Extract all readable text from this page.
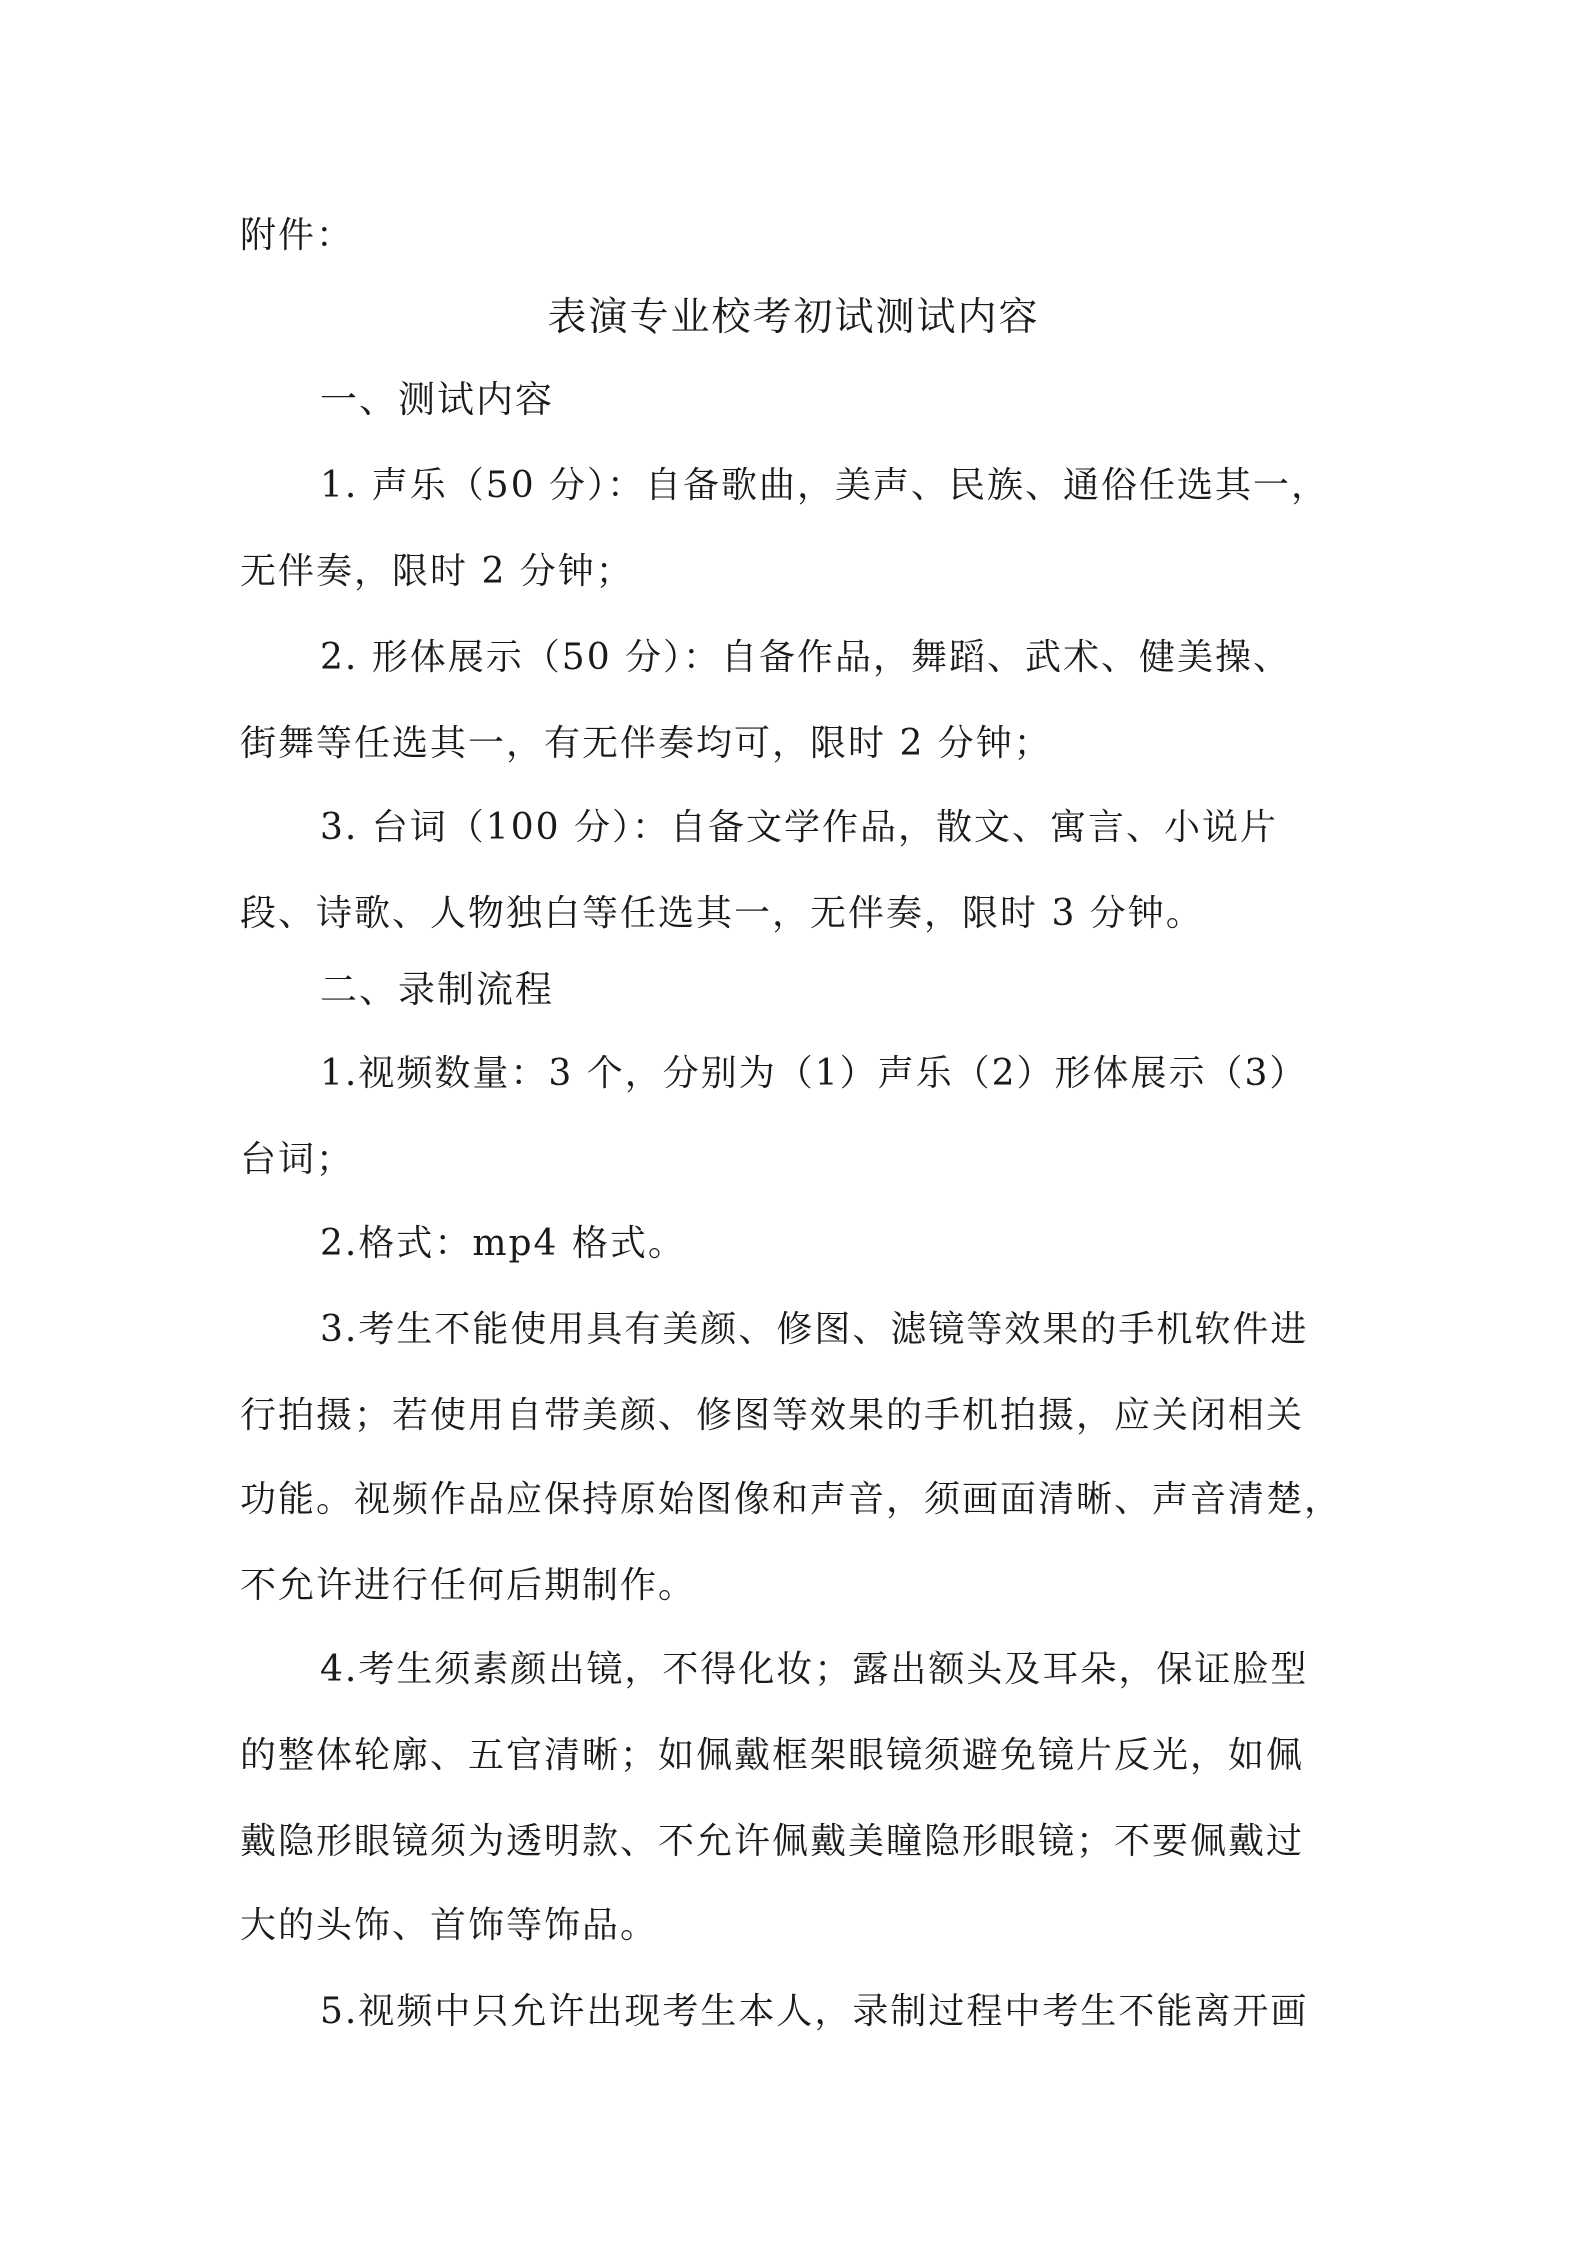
附件：
表演专业校考初试测试内容
一、测试内容
1. 声乐（50 分）：自备歌曲，美声、民族、通俗任选其一，
无伴奏，限时 2 分钟；
2. 形体展示（50 分）：自备作品，舞蹈、武术、健美操、
街舞等任选其一，有无伴奏均可，限时 2 分钟；
3. 台词（100 分）：自备文学作品，散文、寓言、小说片
段、诗歌、人物独白等任选其一，无伴奏，限时 3 分钟。
二、录制流程
1.视频数量：3 个，分别为（1）声乐（2）形体展示（3）
台词；
2.格式：mp4 格式。
3.考生不能使用具有美颜、修图、滤镜等效果的手机软件进
行拍摄；若使用自带美颜、修图等效果的手机拍摄，应关闭相关
功能。视频作品应保持原始图像和声音，须画面清晰、声音清楚，
不允许进行任何后期制作。
4.考生须素颜出镜，不得化妆；露出额头及耳朵，保证脸型
的整体轮廓、五官清晰；如佩戴框架眼镜须避免镜片反光，如佩
戴隐形眼镜须为透明款、不允许佩戴美瞳隐形眼镜；不要佩戴过
大的头饰、首饰等饰品。
5.视频中只允许出现考生本人，录制过程中考生不能离开画
